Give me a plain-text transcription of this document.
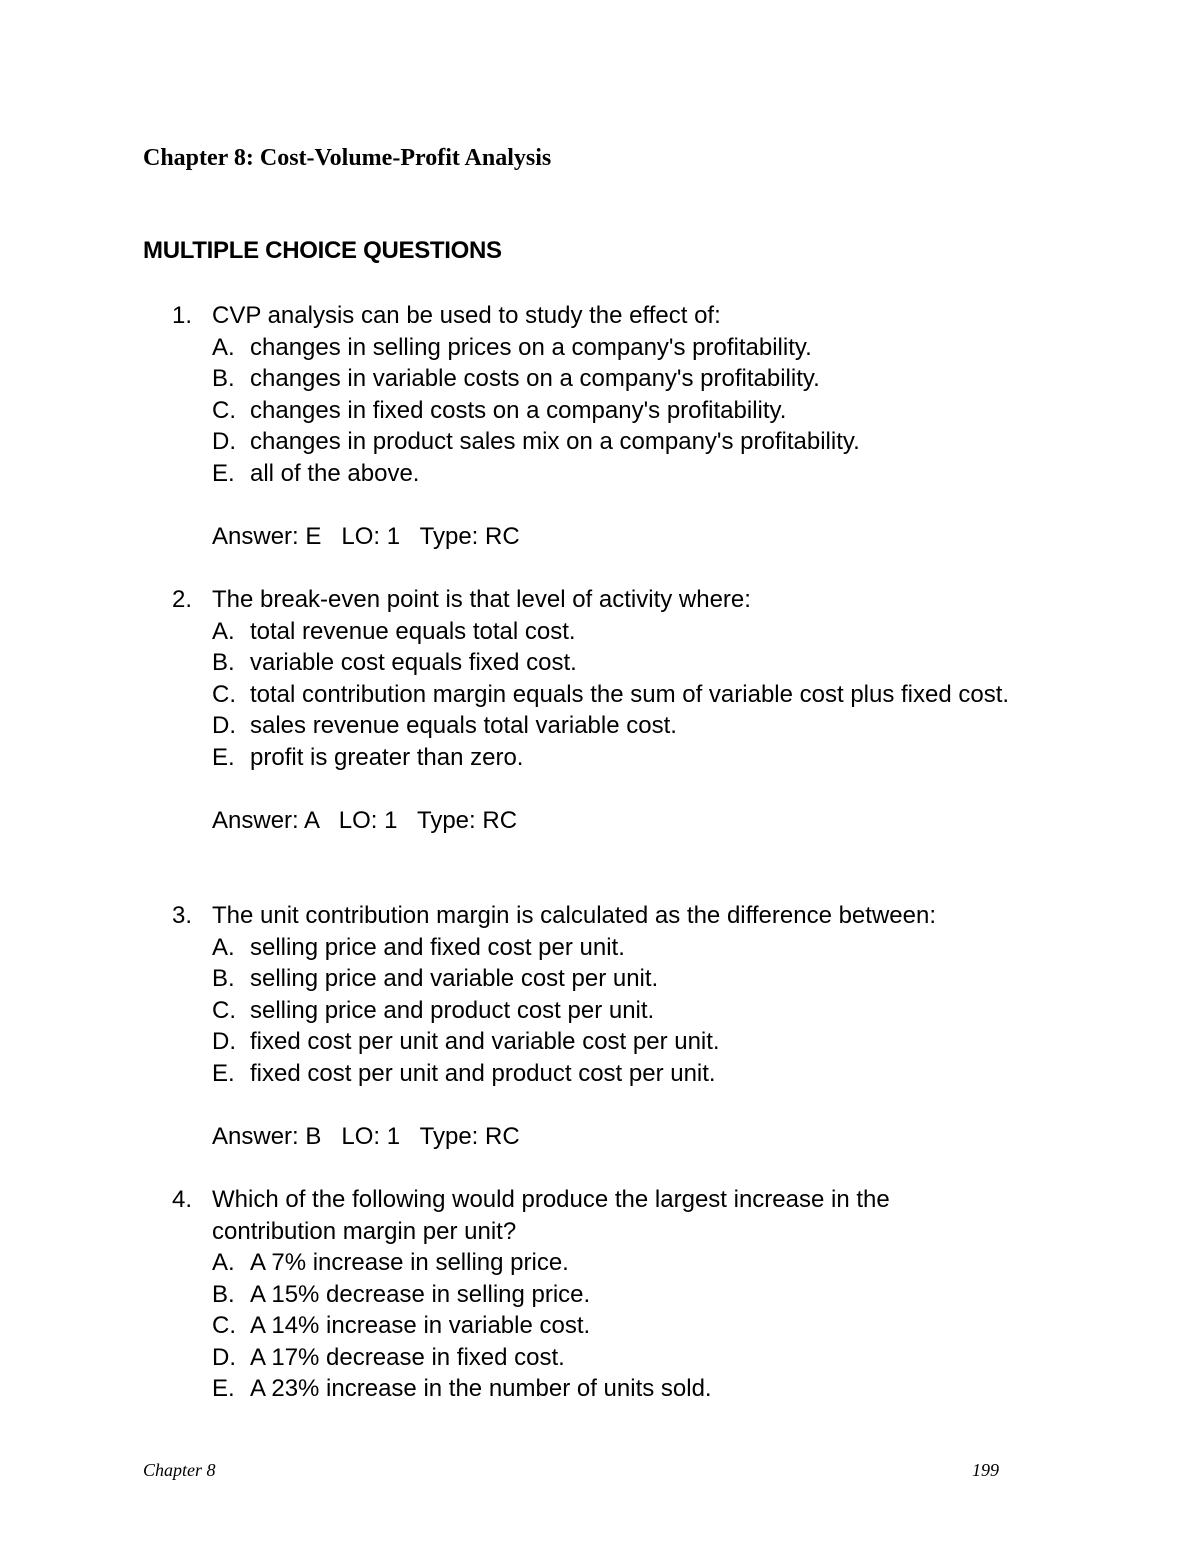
Chapter 8: Cost-Volume-Profit Analysis
MULTIPLE CHOICE QUESTIONS
1. CVP analysis can be used to study the effect of:
A. changes in selling prices on a company's profitability.
B. changes in variable costs on a company's profitability.
C. changes in fixed costs on a company's profitability.
D. changes in product sales mix on a company's profitability.
E. all of the above.
Answer: E   LO: 1   Type: RC
2. The break-even point is that level of activity where:
A. total revenue equals total cost.
B. variable cost equals fixed cost.
C. total contribution margin equals the sum of variable cost plus fixed cost.
D. sales revenue equals total variable cost.
E. profit is greater than zero.
Answer: A   LO: 1   Type: RC
3. The unit contribution margin is calculated as the difference between:
A. selling price and fixed cost per unit.
B. selling price and variable cost per unit.
C. selling price and product cost per unit.
D. fixed cost per unit and variable cost per unit.
E. fixed cost per unit and product cost per unit.
Answer: B   LO: 1   Type: RC
4. Which of the following would produce the largest increase in the
contribution margin per unit?
A. A 7% increase in selling price.
B. A 15% decrease in selling price.
C. A 14% increase in variable cost.
D. A 17% decrease in fixed cost.
E. A 23% increase in the number of units sold.
Chapter 8	199
